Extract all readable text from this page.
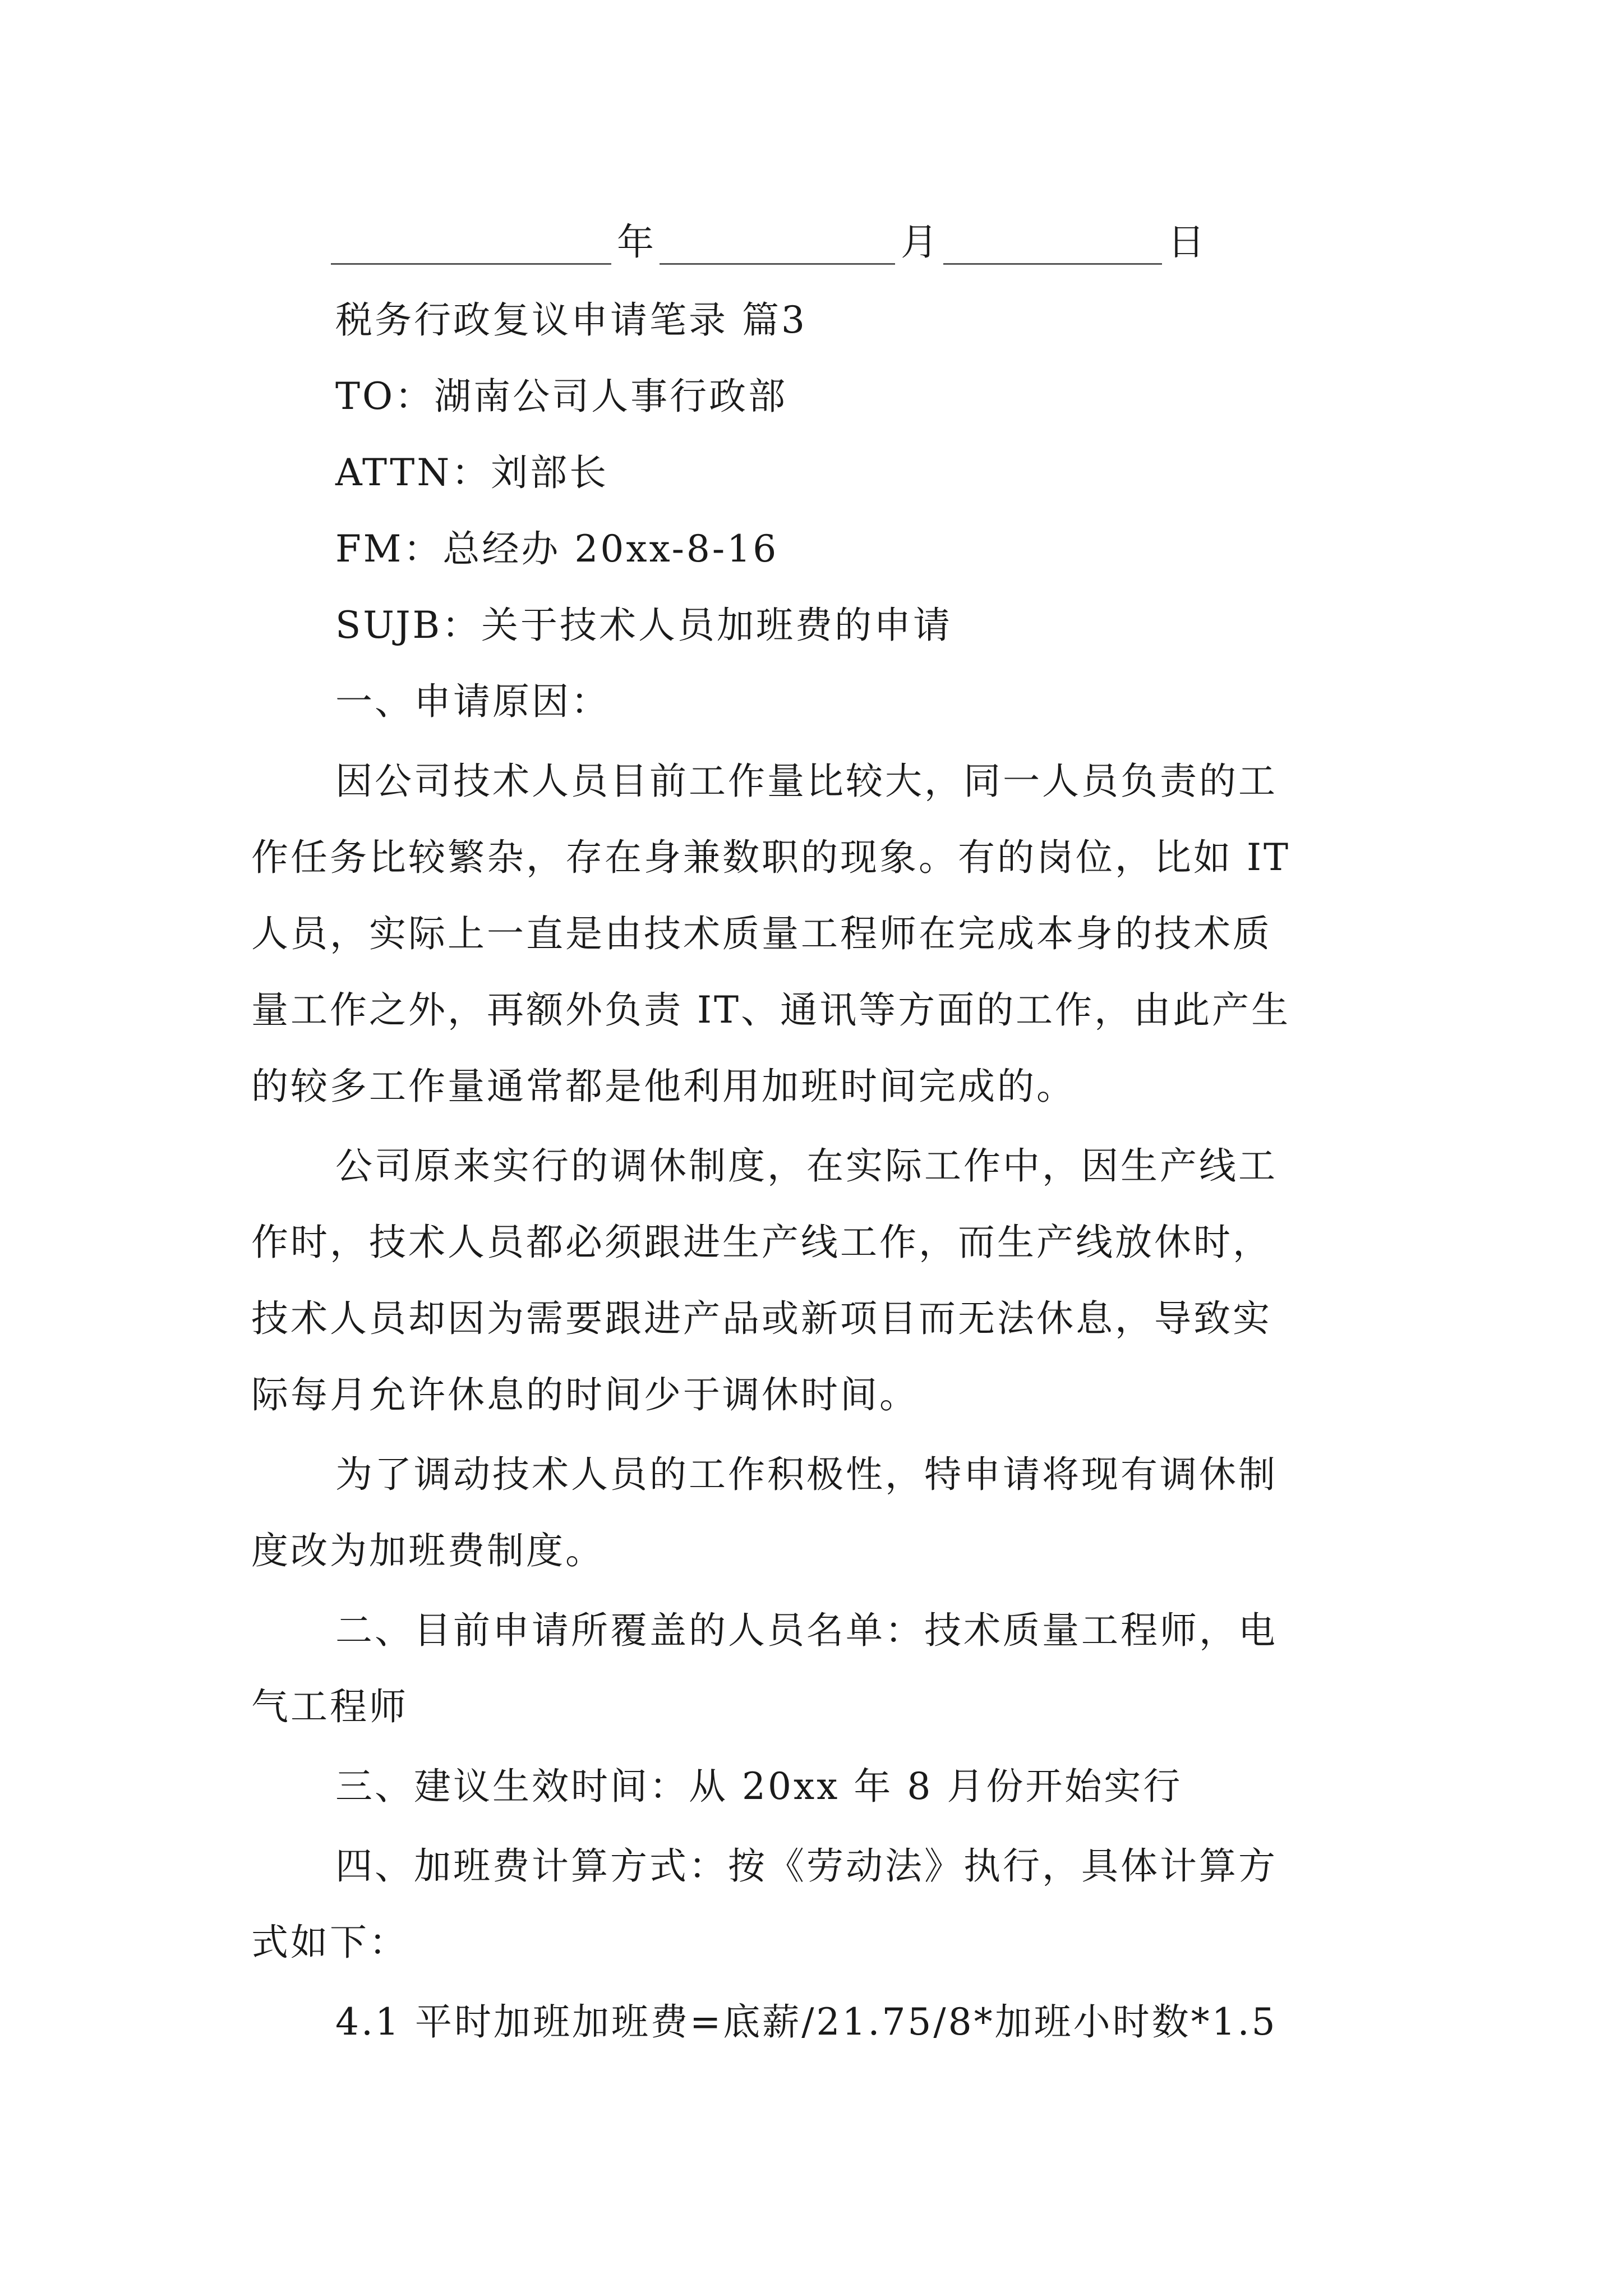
年	月	日
税务行政复议申请笔录 篇3
TO：湖南公司人事行政部
ATTN：刘部长
FM：总经办 20xx-8-16
SUJB：关于技术人员加班费的申请
一、申请原因：
因公司技术人员目前工作量比较大，同一人员负责的工
作任务比较繁杂，存在身兼数职的现象。有的岗位，比如 IT
人员，实际上一直是由技术质量工程师在完成本身的技术质
量工作之外，再额外负责 IT、通讯等方面的工作，由此产生
的较多工作量通常都是他利用加班时间完成的。
公司原来实行的调休制度，在实际工作中，因生产线工
作时，技术人员都必须跟进生产线工作，而生产线放休时，
技术人员却因为需要跟进产品或新项目而无法休息，导致实
际每月允许休息的时间少于调休时间。
为了调动技术人员的工作积极性，特申请将现有调休制
度改为加班费制度。
二、目前申请所覆盖的人员名单：技术质量工程师，电
气工程师
三、建议生效时间：从 20xx 年 8 月份开始实行
四、加班费计算方式：按《劳动法》执行，具体计算方
式如下：
4.1 平时加班加班费=底薪/21.75/8*加班小时数*1.5
